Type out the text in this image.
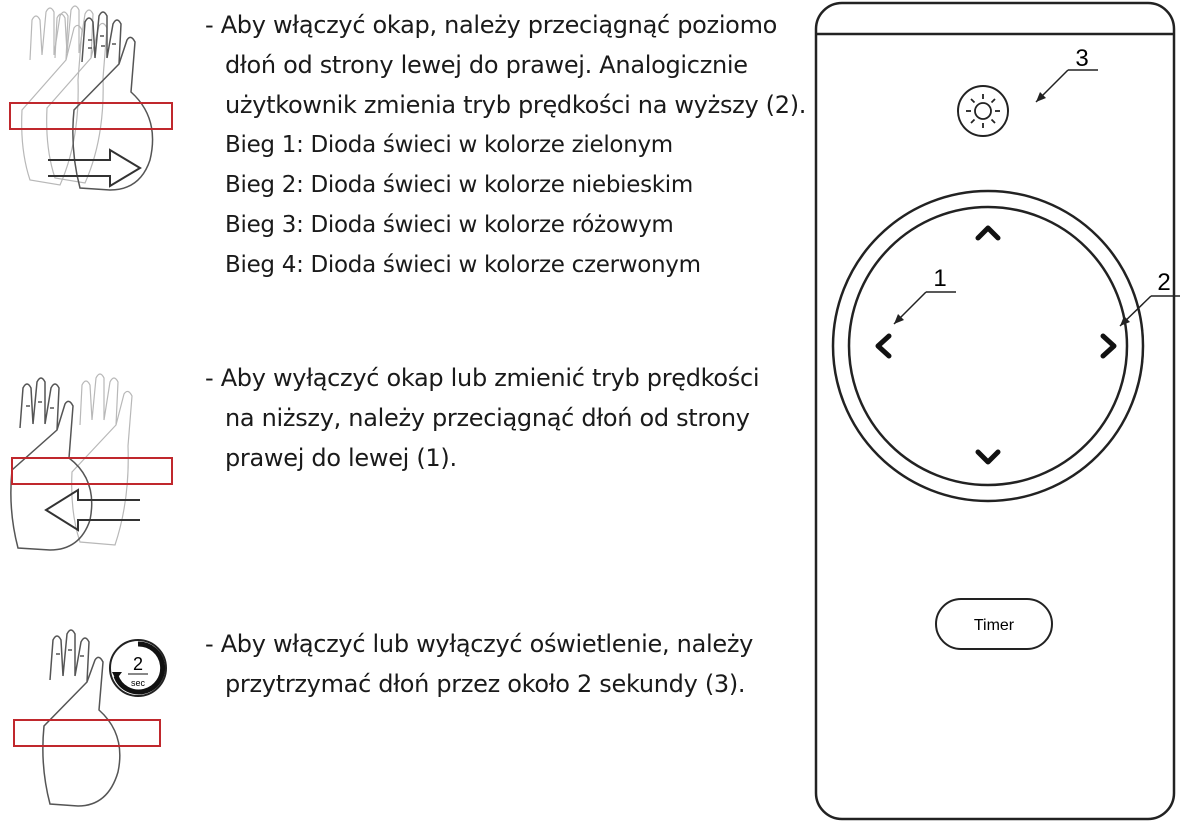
- Aby włączyć okap, należy przeciągnąć poziomo
dłoń od strony lewej do prawej. Analogicznie
użytkownik zmienia tryb prędkości na wyższy (2).
Bieg 1: Dioda świeci w kolorze zielonym
Bieg 2: Dioda świeci w kolorze niebieskim
Bieg 3: Dioda świeci w kolorze różowym
Bieg 4: Dioda świeci w kolorze czerwonym
- Aby wyłączyć okap lub zmienić tryb prędkości
na niższy, należy przeciągnąć dłoń od strony
prawej do lewej (1).
2
sec
- Aby włączyć lub wyłączyć oświetlenie, należy
przytrzymać dłoń przez około 2 sekundy (3).
3
1	2
Timer
